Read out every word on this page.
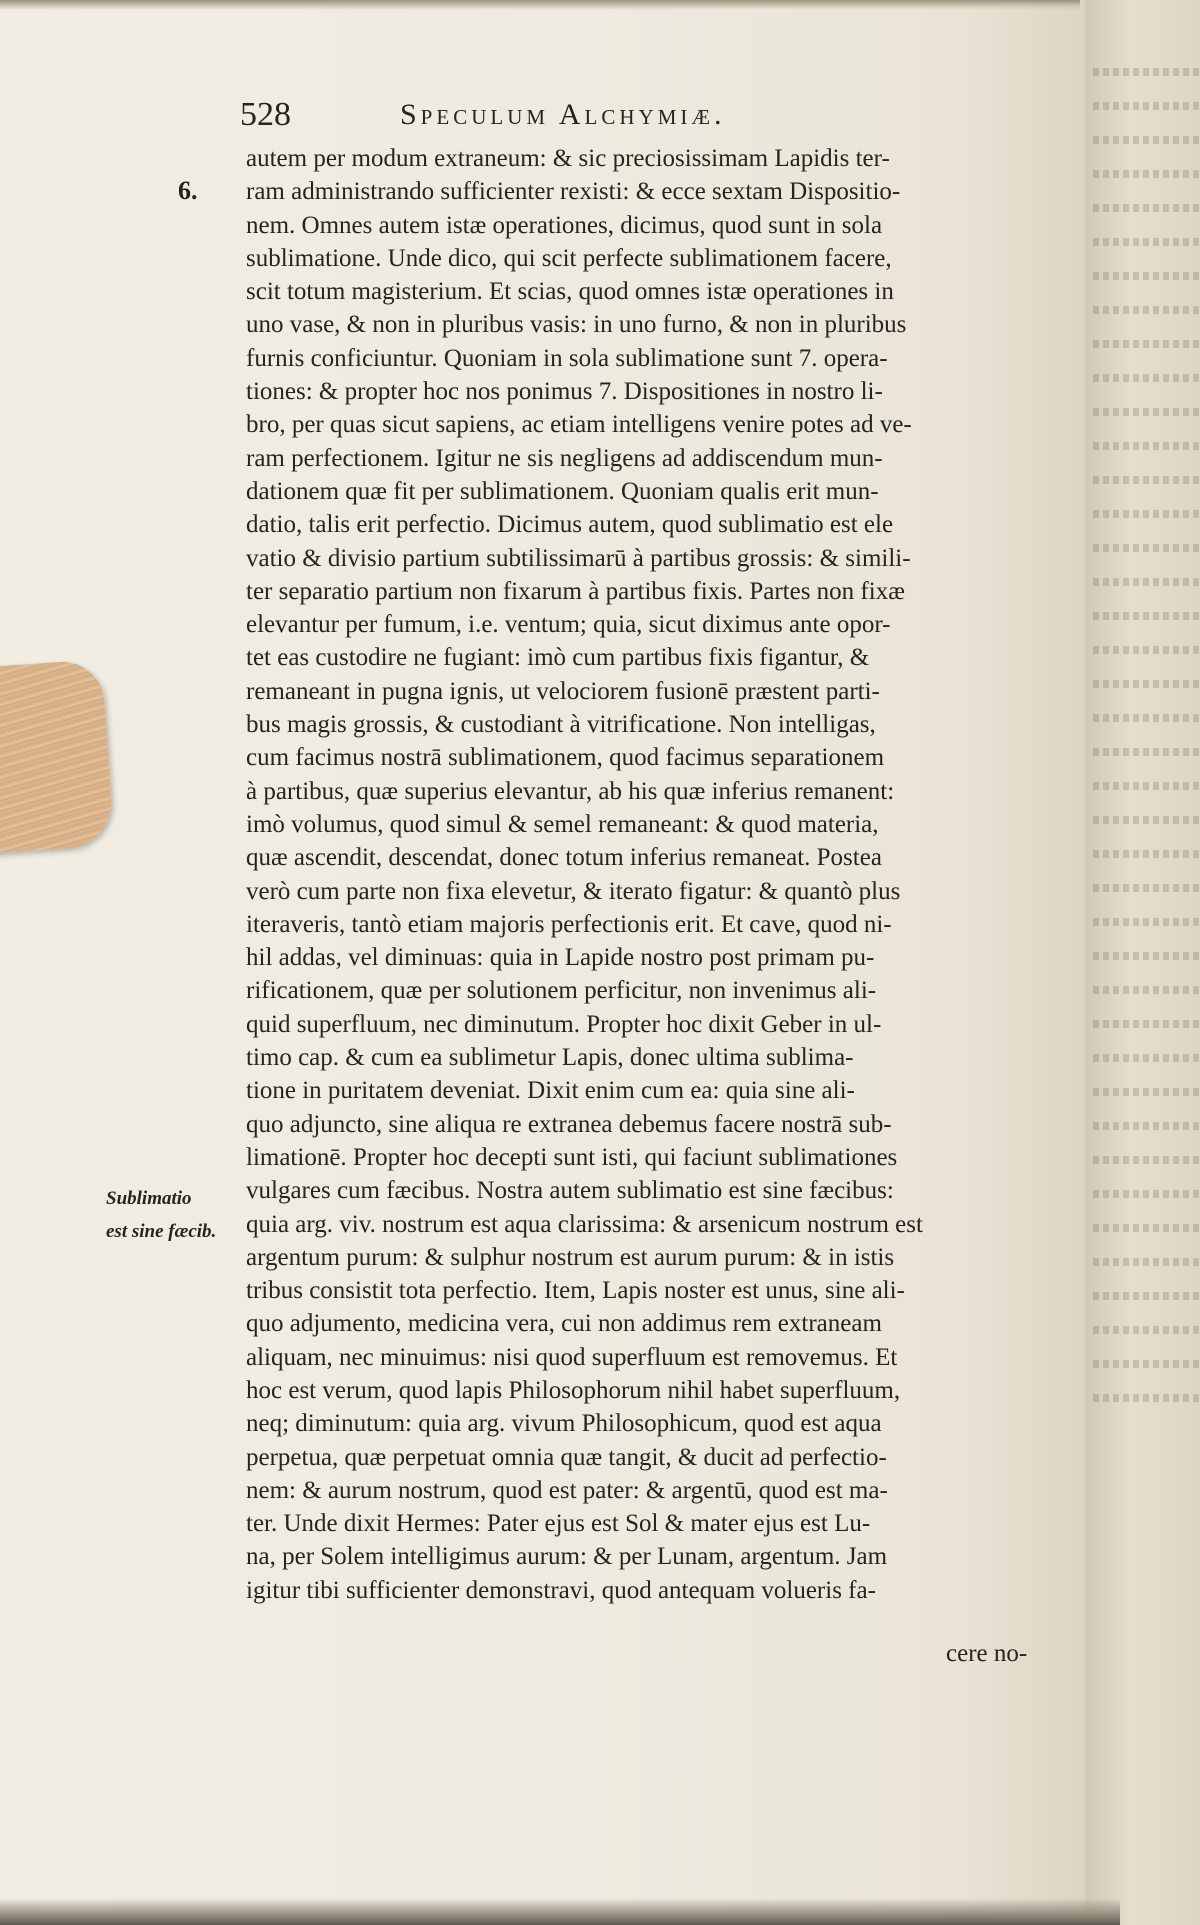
528	Speculum Alchymiæ.
6.
Sublimatio
est sine fæcib.
autem per modum extraneum: & sic preciosissimam Lapidis ter-
ram administrando sufficienter rexisti: & ecce sextam Dispositio-
nem. Omnes autem istæ operationes, dicimus, quod sunt in sola
sublimatione. Unde dico, qui scit perfecte sublimationem facere,
scit totum magisterium. Et scias, quod omnes istæ operationes in
uno vase, & non in pluribus vasis: in uno furno, & non in pluribus
furnis conficiuntur. Quoniam in sola sublimatione sunt 7. opera-
tiones: & propter hoc nos ponimus 7. Dispositiones in nostro li-
bro, per quas sicut sapiens, ac etiam intelligens venire potes ad ve-
ram perfectionem. Igitur ne sis negligens ad addiscendum mun-
dationem quæ fit per sublimationem. Quoniam qualis erit mun-
datio, talis erit perfectio. Dicimus autem, quod sublimatio est ele
vatio & divisio partium subtilissimarū à partibus grossis: & simili-
ter separatio partium non fixarum à partibus fixis. Partes non fixæ
elevantur per fumum, i.e. ventum; quia, sicut diximus ante opor-
tet eas custodire ne fugiant: imò cum partibus fixis figantur, &
remaneant in pugna ignis, ut velociorem fusionē præstent parti-
bus magis grossis, & custodiant à vitrificatione. Non intelligas,
cum facimus nostrā sublimationem, quod facimus separationem
à partibus, quæ superius elevantur, ab his quæ inferius remanent:
imò volumus, quod simul & semel remaneant: & quod materia,
quæ ascendit, descendat, donec totum inferius remaneat. Postea
verò cum parte non fixa elevetur, & iterato figatur: & quantò plus
iteraveris, tantò etiam majoris perfectionis erit. Et cave, quod ni-
hil addas, vel diminuas: quia in Lapide nostro post primam pu-
rificationem, quæ per solutionem perficitur, non invenimus ali-
quid superfluum, nec diminutum. Propter hoc dixit Geber in ul-
timo cap. & cum ea sublimetur Lapis, donec ultima sublima-
tione in puritatem deveniat. Dixit enim cum ea: quia sine ali-
quo adjuncto, sine aliqua re extranea debemus facere nostrā sub-
limationē. Propter hoc decepti sunt isti, qui faciunt sublimationes
vulgares cum fæcibus. Nostra autem sublimatio est sine fæcibus:
quia arg. viv. nostrum est aqua clarissima: & arsenicum nostrum est
argentum purum: & sulphur nostrum est aurum purum: & in istis
tribus consistit tota perfectio. Item, Lapis noster est unus, sine ali-
quo adjumento, medicina vera, cui non addimus rem extraneam
aliquam, nec minuimus: nisi quod superfluum est removemus. Et
hoc est verum, quod lapis Philosophorum nihil habet superfluum,
neq; diminutum: quia arg. vivum Philosophicum, quod est aqua
perpetua, quæ perpetuat omnia quæ tangit, & ducit ad perfectio-
nem: & aurum nostrum, quod est pater: & argentū, quod est ma-
ter. Unde dixit Hermes: Pater ejus est Sol & mater ejus est Lu-
na, per Solem intelligimus aurum: & per Lunam, argentum. Jam
igitur tibi sufficienter demonstravi, quod antequam volueris fa-
cere no-
